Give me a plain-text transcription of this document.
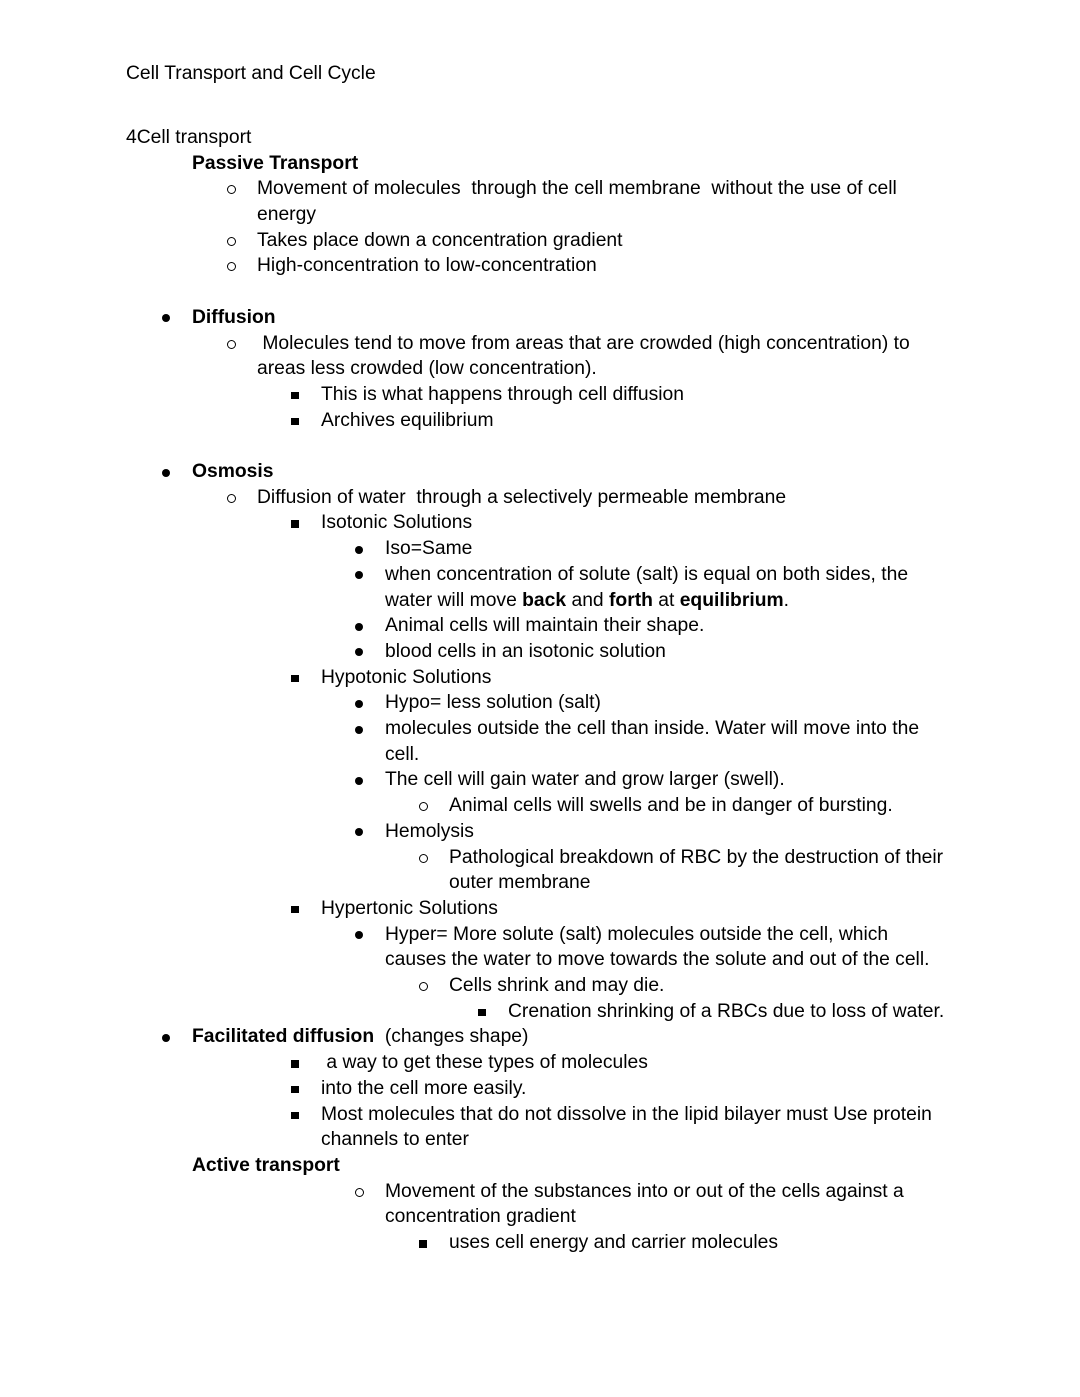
Cell Transport and Cell Cycle
4Cell transport
Passive Transport
Movement of molecules  through the cell membrane  without the use of cell energy
Takes place down a concentration gradient
High-concentration to low-concentration
Diffusion
Molecules tend to move from areas that are crowded (high concentration) to areas less crowded (low concentration).
This is what happens through cell diffusion
Archives equilibrium
Osmosis
Diffusion of water  through a selectively permeable membrane
Isotonic Solutions
Iso=Same
when concentration of solute (salt) is equal on both sides, the water will move back and forth at equilibrium.
Animal cells will maintain their shape.
blood cells in an isotonic solution
Hypotonic Solutions
Hypo= less solution (salt)
molecules outside the cell than inside. Water will move into the cell.
The cell will gain water and grow larger (swell).
Animal cells will swells and be in danger of bursting.
Hemolysis
Pathological breakdown of RBC by the destruction of their outer membrane
Hypertonic Solutions
Hyper= More solute (salt) molecules outside the cell, which causes the water to move towards the solute and out of the cell.
Cells shrink and may die.
Crenation shrinking of a RBCs due to loss of water.
Facilitated diffusion  (changes shape)
a way to get these types of molecules
into the cell more easily.
Most molecules that do not dissolve in the lipid bilayer must Use protein channels to enter
Active transport
Movement of the substances into or out of the cells against a concentration gradient
uses cell energy and carrier molecules
